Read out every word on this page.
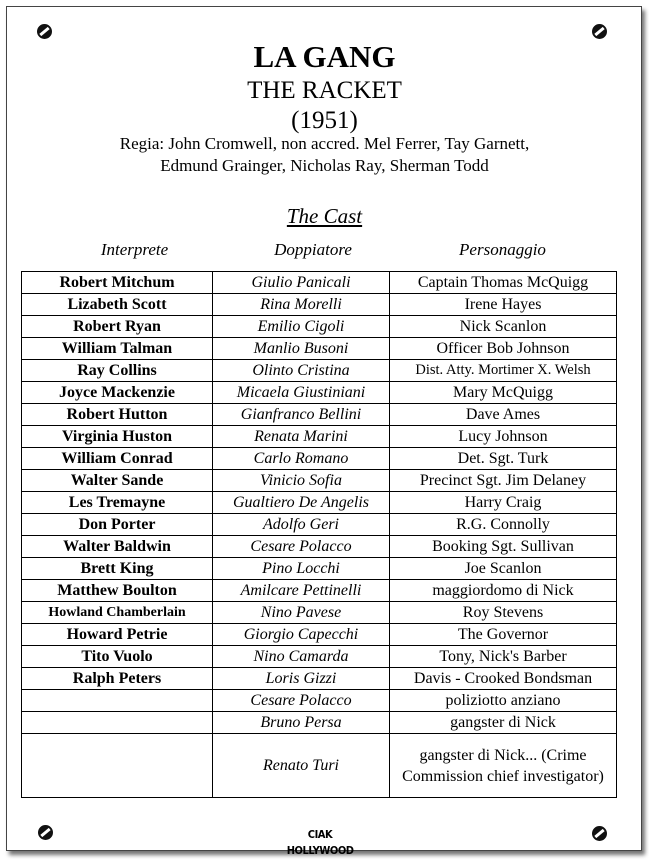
LA GANG
THE RACKET
(1951)
Regia: John Cromwell, non accred. Mel Ferrer, Tay Garnett,
Edmund Grainger, Nicholas Ray, Sherman Todd
The Cast
Interprete	Doppiatore	Personaggio
Robert Mitchum	Giulio Panicali	Captain Thomas McQuigg
Lizabeth Scott	Rina Morelli	Irene Hayes
Robert Ryan	Emilio Cigoli	Nick Scanlon
William Talman	Manlio Busoni	Officer Bob Johnson
Ray Collins	Olinto Cristina	Dist. Atty. Mortimer X. Welsh
Joyce Mackenzie	Micaela Giustiniani	Mary McQuigg
Robert Hutton	Gianfranco Bellini	Dave Ames
Virginia Huston	Renata Marini	Lucy Johnson
William Conrad	Carlo Romano	Det. Sgt. Turk
Walter Sande	Vinicio Sofia	Precinct Sgt. Jim Delaney
Les Tremayne	Gualtiero De Angelis	Harry Craig
Don Porter	Adolfo Geri	R.G. Connolly
Walter Baldwin	Cesare Polacco	Booking Sgt. Sullivan
Brett King	Pino Locchi	Joe Scanlon
Matthew Boulton	Amilcare Pettinelli	maggiordomo di Nick
Howland Chamberlain	Nino Pavese	Roy Stevens
Howard Petrie	Giorgio Capecchi	The Governor
Tito Vuolo	Nino Camarda	Tony, Nick's Barber
Ralph Peters	Loris Gizzi	Davis - Crooked Bondsman
	Cesare Polacco	poliziotto anziano
	Bruno Persa	gangster di Nick
	Renato Turi	gangster di Nick... (Crime Commission chief investigator)
CIAK HOLLYWOOD
